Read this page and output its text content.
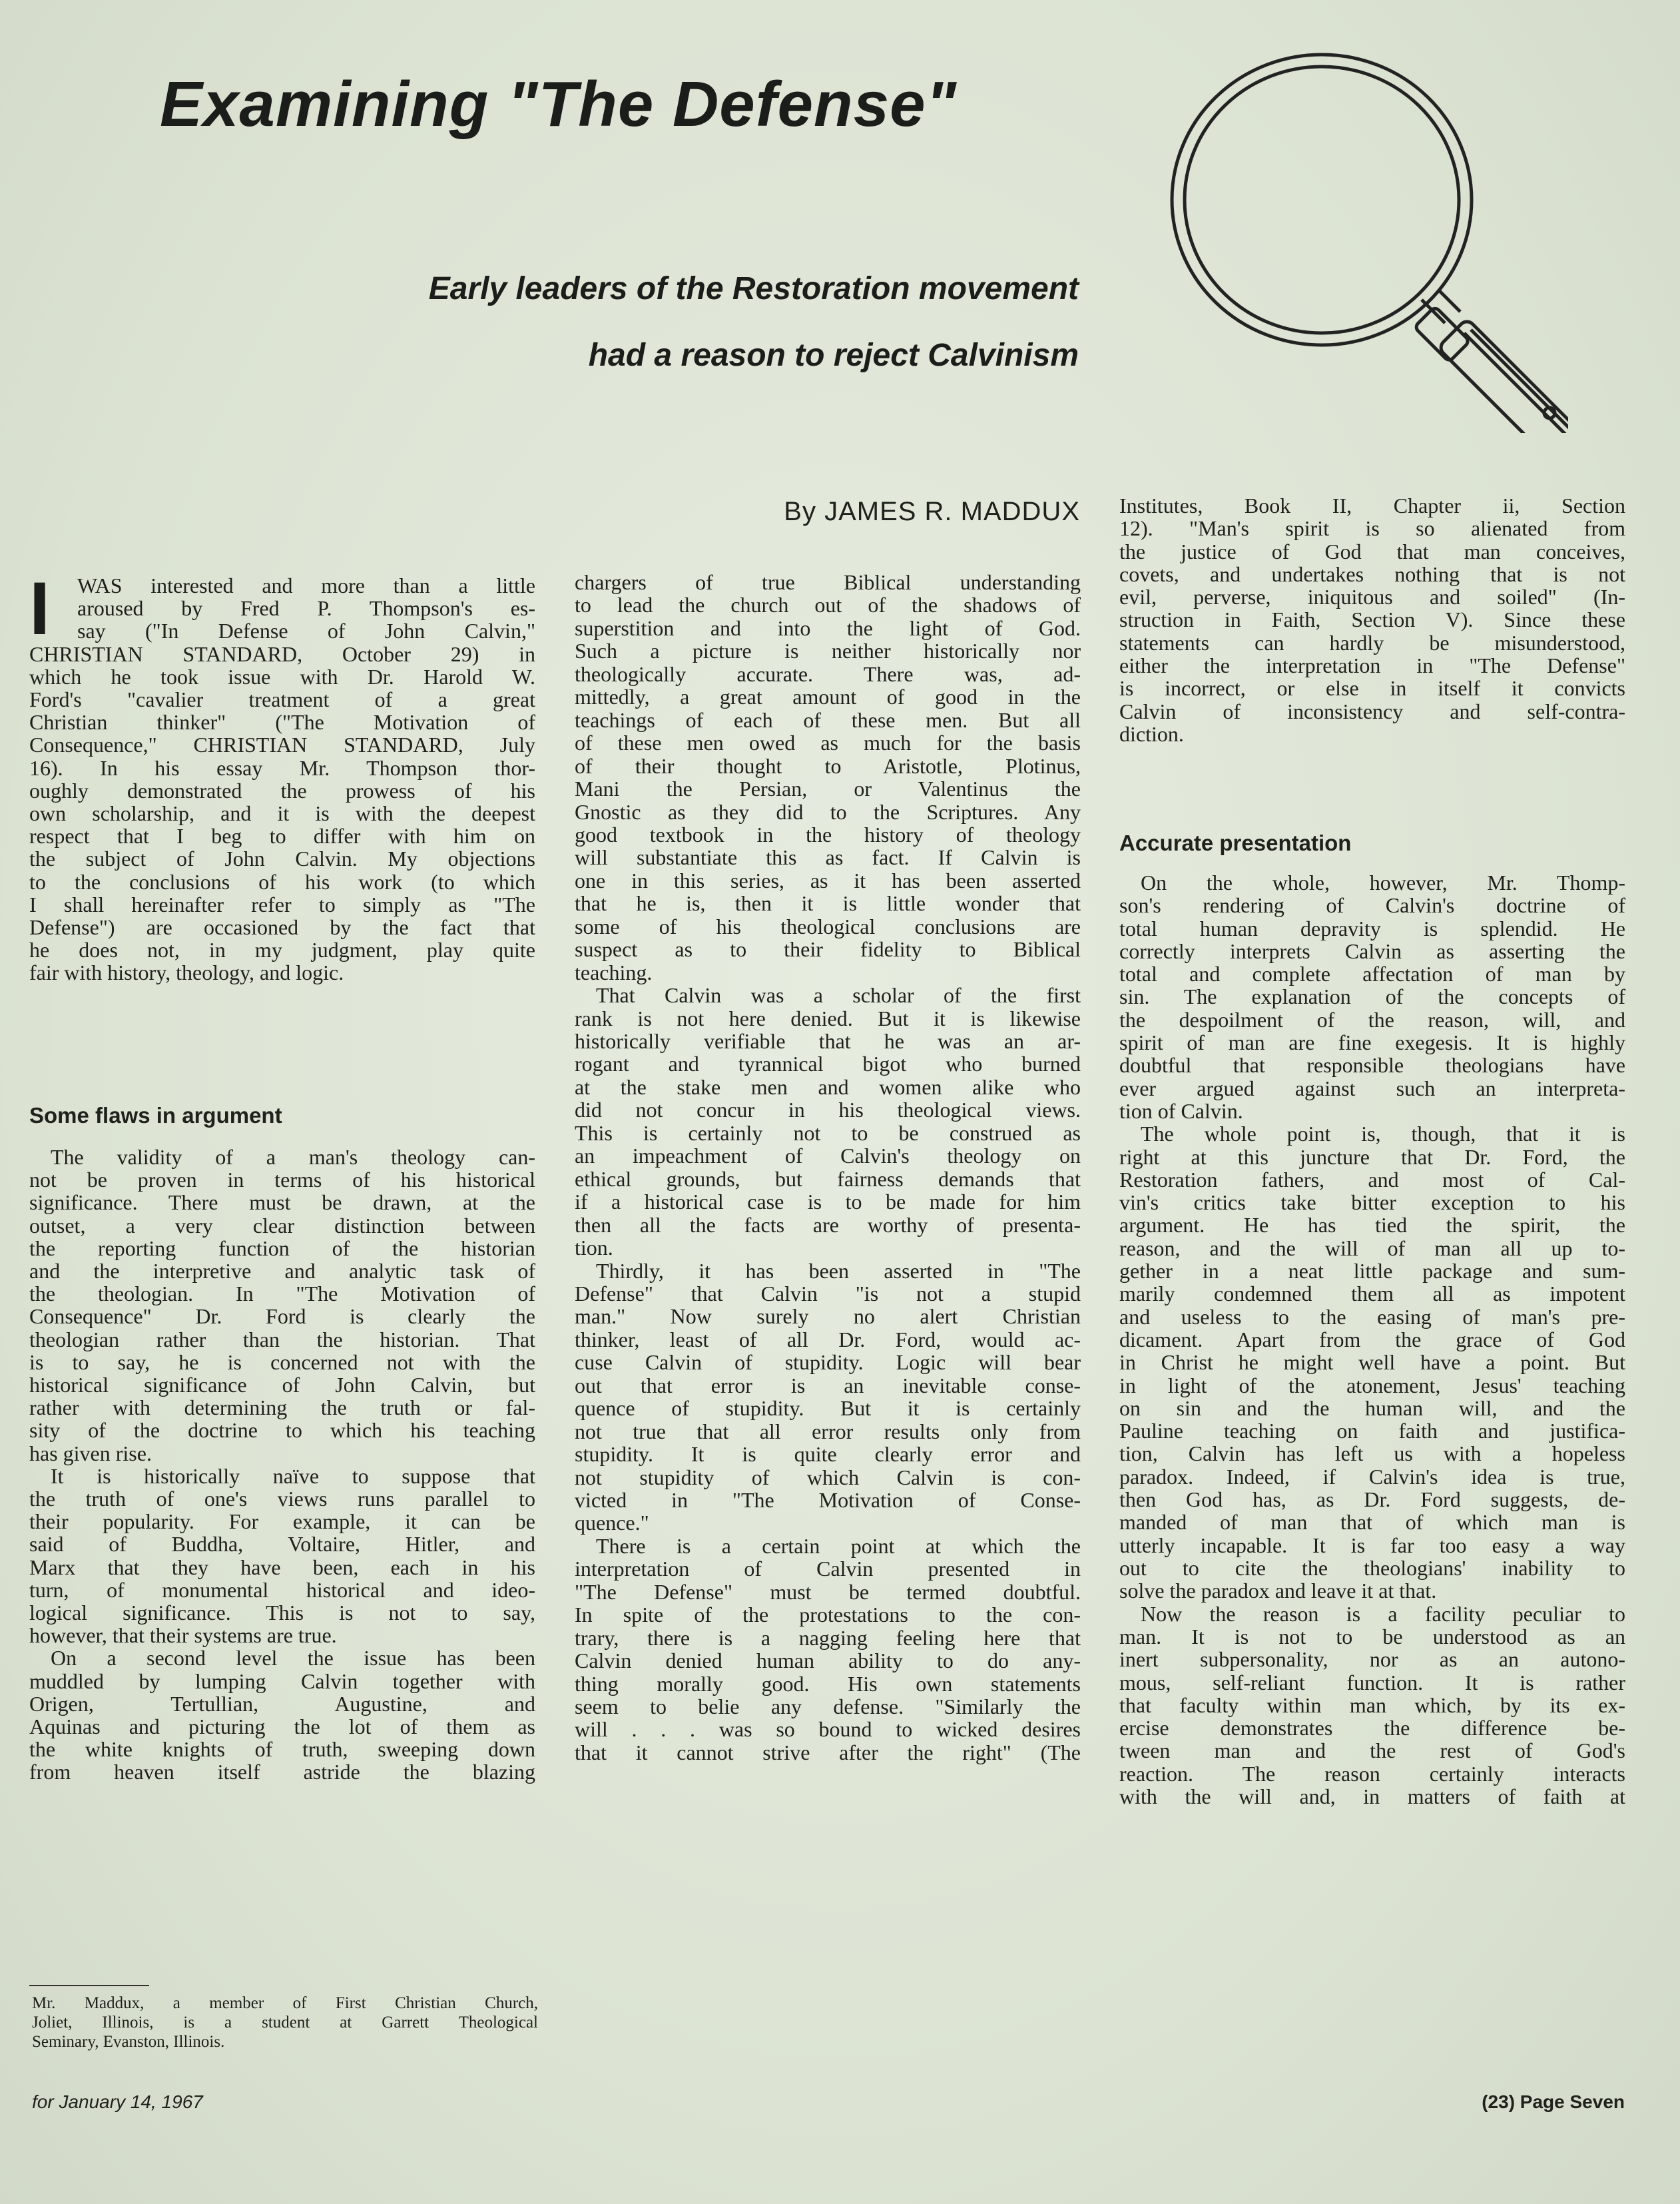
Examining "The Defense"

Early leaders of the Restoration movement

had a reason to reject Calvinism

By JAMES R. MADDUX

I	WAS interested and more than a little
aroused by Fred P. Thompson's es-
say ("In Defense of John Calvin,"
CHRISTIAN STANDARD, October 29) in
which he took issue with Dr. Harold W.
Ford's "cavalier treatment of a great
Christian thinker" ("The Motivation of
Consequence," CHRISTIAN STANDARD, July
16). In his essay Mr. Thompson thor-
oughly demonstrated the prowess of his
own scholarship, and it is with the deepest
respect that I beg to differ with him on
the subject of John Calvin. My objections
to the conclusions of his work (to which
I shall hereinafter refer to simply as "The
Defense") are occasioned by the fact that
he does not, in my judgment, play quite
fair with history, theology, and logic.
Some flaws in argument
The validity of a man's theology can-
not be proven in terms of his historical
significance. There must be drawn, at the
outset, a very clear distinction between
the reporting function of the historian
and the interpretive and analytic task of
the theologian. In "The Motivation of
Consequence" Dr. Ford is clearly the
theologian rather than the historian. That
is to say, he is concerned not with the
historical significance of John Calvin, but
rather with determining the truth or fal-
sity of the doctrine to which his teaching
has given rise.
It is historically naïve to suppose that
the truth of one's views runs parallel to
their popularity. For example, it can be
said of Buddha, Voltaire, Hitler, and
Marx that they have been, each in his
turn, of monumental historical and ideo-
logical significance. This is not to say,
however, that their systems are true.
On a second level the issue has been
muddled by lumping Calvin together with
Origen, Tertullian, Augustine, and
Aquinas and picturing the lot of them as
the white knights of truth, sweeping down
from heaven itself astride the blazing
chargers of true Biblical understanding
to lead the church out of the shadows of
superstition and into the light of God.
Such a picture is neither historically nor
theologically accurate. There was, ad-
mittedly, a great amount of good in the
teachings of each of these men. But all
of these men owed as much for the basis
of their thought to Aristotle, Plotinus,
Mani the Persian, or Valentinus the
Gnostic as they did to the Scriptures. Any
good textbook in the history of theology
will substantiate this as fact. If Calvin is
one in this series, as it has been asserted
that he is, then it is little wonder that
some of his theological conclusions are
suspect as to their fidelity to Biblical
teaching.
That Calvin was a scholar of the first
rank is not here denied. But it is likewise
historically verifiable that he was an ar-
rogant and tyrannical bigot who burned
at the stake men and women alike who
did not concur in his theological views.
This is certainly not to be construed as
an impeachment of Calvin's theology on
ethical grounds, but fairness demands that
if a historical case is to be made for him
then all the facts are worthy of presenta-
tion.
Thirdly, it has been asserted in "The
Defense" that Calvin "is not a stupid
man." Now surely no alert Christian
thinker, least of all Dr. Ford, would ac-
cuse Calvin of stupidity. Logic will bear
out that error is an inevitable conse-
quence of stupidity. But it is certainly
not true that all error results only from
stupidity. It is quite clearly error and
not stupidity of which Calvin is con-
victed in "The Motivation of Conse-
quence."
There is a certain point at which the
interpretation of Calvin presented in
"The Defense" must be termed doubtful.
In spite of the protestations to the con-
trary, there is a nagging feeling here that
Calvin denied human ability to do any-
thing morally good. His own statements
seem to belie any defense. "Similarly the
will . . . was so bound to wicked desires
that it cannot strive after the right" (The
Institutes, Book II, Chapter ii, Section
12). "Man's spirit is so alienated from
the justice of God that man conceives,
covets, and undertakes nothing that is not
evil, perverse, iniquitous and soiled" (In-
struction in Faith, Section V). Since these
statements can hardly be misunderstood,
either the interpretation in "The Defense"
is incorrect, or else in itself it convicts
Calvin of inconsistency and self-contra-
diction.
Accurate presentation
On the whole, however, Mr. Thomp-
son's rendering of Calvin's doctrine of
total human depravity is splendid. He
correctly interprets Calvin as asserting the
total and complete affectation of man by
sin. The explanation of the concepts of
the despoilment of the reason, will, and
spirit of man are fine exegesis. It is highly
doubtful that responsible theologians have
ever argued against such an interpreta-
tion of Calvin.
The whole point is, though, that it is
right at this juncture that Dr. Ford, the
Restoration fathers, and most of Cal-
vin's critics take bitter exception to his
argument. He has tied the spirit, the
reason, and the will of man all up to-
gether in a neat little package and sum-
marily condemned them all as impotent
and useless to the easing of man's pre-
dicament. Apart from the grace of God
in Christ he might well have a point. But
in light of the atonement, Jesus' teaching
on sin and the human will, and the
Pauline teaching on faith and justifica-
tion, Calvin has left us with a hopeless
paradox. Indeed, if Calvin's idea is true,
then God has, as Dr. Ford suggests, de-
manded of man that of which man is
utterly incapable. It is far too easy a way
out to cite the theologians' inability to
solve the paradox and leave it at that.
Now the reason is a facility peculiar to
man. It is not to be understood as an
inert subpersonality, nor as an autono-
mous, self-reliant function. It is rather
that faculty within man which, by its ex-
ercise demonstrates the difference be-
tween man and the rest of God's
reaction. The reason certainly interacts
with the will and, in matters of faith at
Mr. Maddux, a member of First Christian Church,
Joliet, Illinois, is a student at Garrett Theological
Seminary, Evanston, Illinois.
for January 14, 1967	(23) Page Seven
